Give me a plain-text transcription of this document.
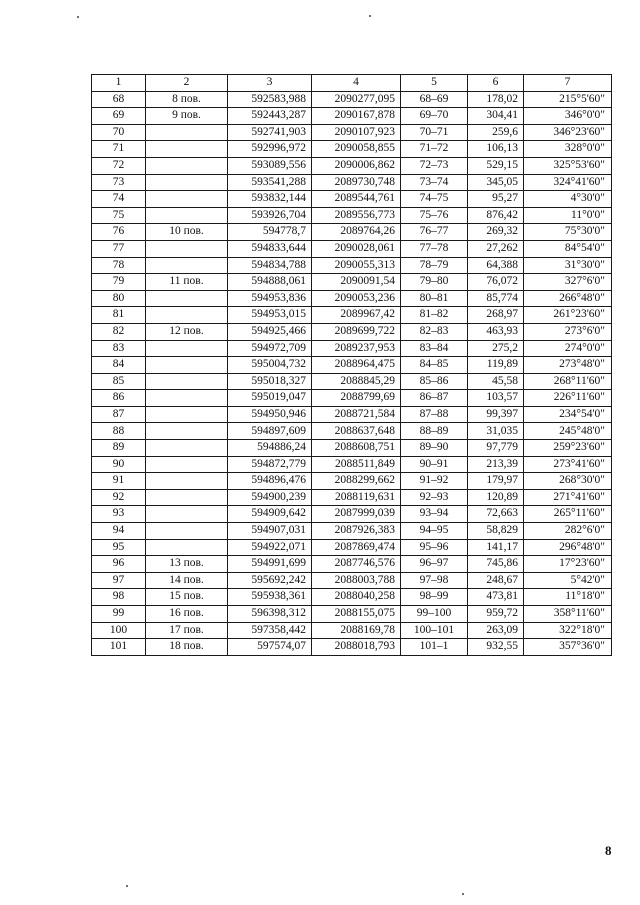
1	2	3	4	5	6	7
68	8 пов.	592583,988	2090277,095	68–69	178,02	215°5'60"
69	9 пов.	592443,287	2090167,878	69–70	304,41	346°0'0"
70		592741,903	2090107,923	70–71	259,6	346°23'60"
71		592996,972	2090058,855	71–72	106,13	328°0'0"
72		593089,556	2090006,862	72–73	529,15	325°53'60"
73		593541,288	2089730,748	73–74	345,05	324°41'60"
74		593832,144	2089544,761	74–75	95,27	4°30'0"
75		593926,704	2089556,773	75–76	876,42	11°0'0"
76	10 пов.	594778,7	2089764,26	76–77	269,32	75°30'0"
77		594833,644	2090028,061	77–78	27,262	84°54'0"
78		594834,788	2090055,313	78–79	64,388	31°30'0"
79	11 пов.	594888,061	2090091,54	79–80	76,072	327°6'0"
80		594953,836	2090053,236	80–81	85,774	266°48'0"
81		594953,015	2089967,42	81–82	268,97	261°23'60"
82	12 пов.	594925,466	2089699,722	82–83	463,93	273°6'0"
83		594972,709	2089237,953	83–84	275,2	274°0'0"
84		595004,732	2088964,475	84–85	119,89	273°48'0"
85		595018,327	2088845,29	85–86	45,58	268°11'60"
86		595019,047	2088799,69	86–87	103,57	226°11'60"
87		594950,946	2088721,584	87–88	99,397	234°54'0"
88		594897,609	2088637,648	88–89	31,035	245°48'0"
89		594886,24	2088608,751	89–90	97,779	259°23'60"
90		594872,779	2088511,849	90–91	213,39	273°41'60"
91		594896,476	2088299,662	91–92	179,97	268°30'0"
92		594900,239	2088119,631	92–93	120,89	271°41'60"
93		594909,642	2087999,039	93–94	72,663	265°11'60"
94		594907,031	2087926,383	94–95	58,829	282°6'0"
95		594922,071	2087869,474	95–96	141,17	296°48'0"
96	13 пов.	594991,699	2087746,576	96–97	745,86	17°23'60"
97	14 пов.	595692,242	2088003,788	97–98	248,67	5°42'0"
98	15 пов.	595938,361	2088040,258	98–99	473,81	11°18'0"
99	16 пов.	596398,312	2088155,075	99–100	959,72	358°11'60"
100	17 пов.	597358,442	2088169,78	100–101	263,09	322°18'0"
101	18 пов.	597574,07	2088018,793	101–1	932,55	357°36'0"
8
